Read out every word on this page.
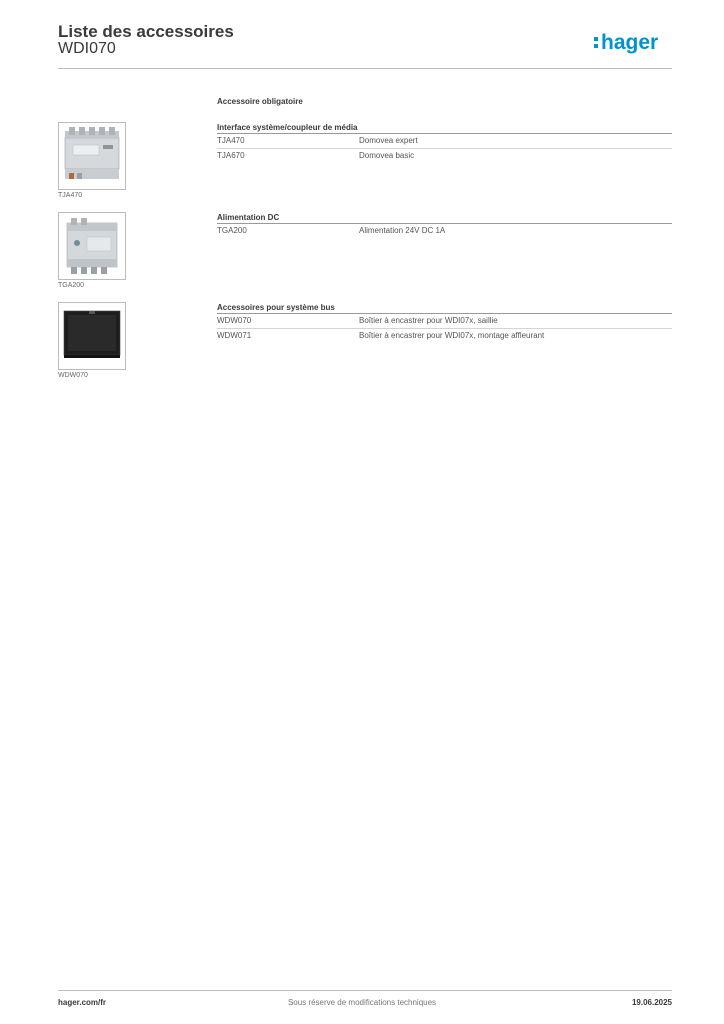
Liste des accessoires
WDI070	hager
Accessoire obligatoire
Interface système/coupleur de média
TJA470	Domovea expert
TJA670	Domovea basic
Alimentation DC
TGA200	Alimentation 24V DC 1A
Accessoires pour système bus
WDW070	Boîtier à encastrer pour WDI07x, saillie
WDW071	Boîtier à encastrer pour WDI07x, montage affleurant
TJA470
TGA200
WDW070
hager.com/fr	Sous réserve de modifications techniques	19.06.2025
